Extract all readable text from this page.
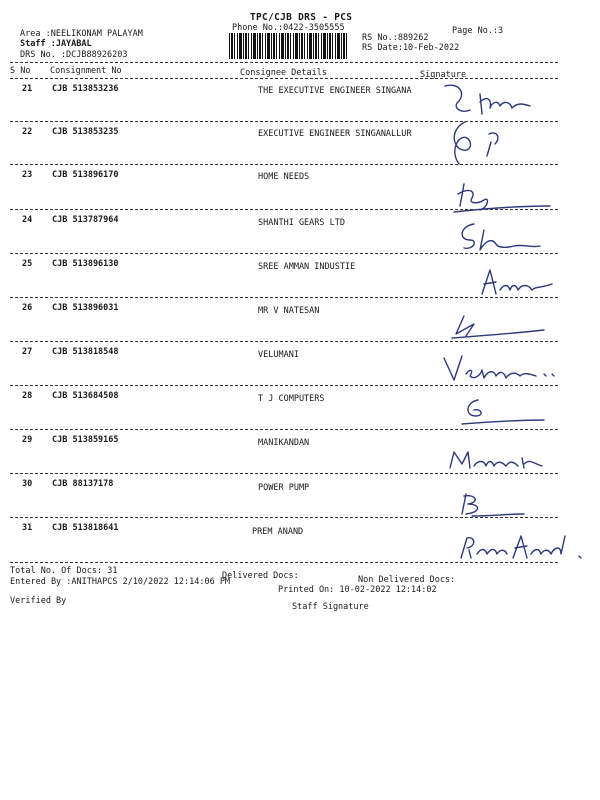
TPC/CJB DRS - PCS
Phone No.:0422-3505555	Page No.:3
Area :NEELIKONAM PALAYAM
Staff :JAYABAL
DRS No. :DCJB88926203
RS No.:889262
RS Date:10-Feb-2022
S No Consignment No	Consignee Details	Signature
21 CJB 513853236	THE EXECUTIVE ENGINEER SINGANA
22 CJB 513853235	EXECUTIVE ENGINEER SINGANALLUR
23 CJB 513896170	HOME NEEDS
24 CJB 513787964	SHANTHI GEARS LTD
25 CJB 513896130	SREE AMMAN INDUSTIE
26 CJB 513896031	MR V NATESAN
27 CJB 513818548	VELUMANI
28 CJB 513684508	T J COMPUTERS
29 CJB 513859165	MANIKANDAN
30 CJB 88137178	POWER PUMP
31 CJB 513818641	PREM ANAND
Total No. Of Docs: 31	Delivered Docs:	Non Delivered Docs:
Entered By :ANITHAPCS 2/10/2022 12:14:06 PM
Printed On: 10-02-2022 12:14:02
Verified By
Staff Signature
